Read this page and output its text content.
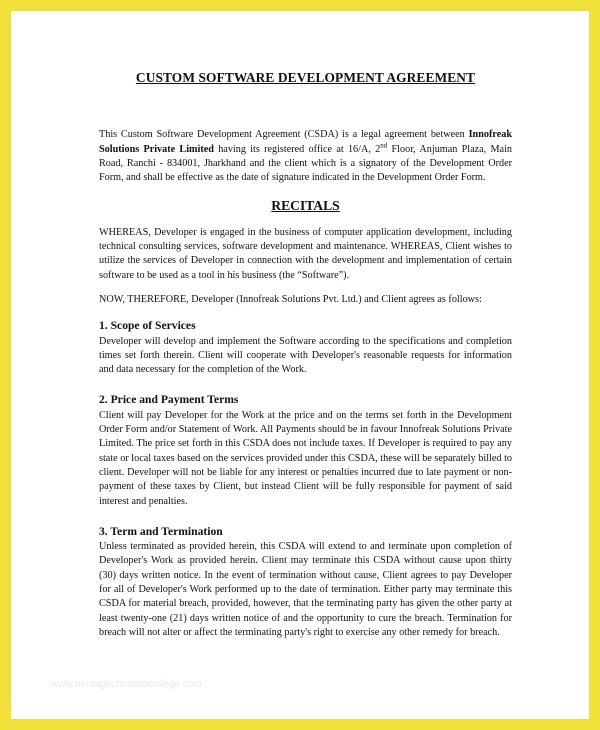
CUSTOM SOFTWARE DEVELOPMENT AGREEMENT

This Custom Software Development Agreement (CSDA) is a legal agreement between Innofreak Solutions Private Limited having its registered office at 16/A, 2nd Floor, Anjuman Plaza, Main Road, Ranchi - 834001, Jharkhand and the client which is a signatory of the Development Order Form, and shall be effective as the date of signature indicated in the Development Order Form.

RECITALS

WHEREAS, Developer is engaged in the business of computer application development, including technical consulting services, software development and maintenance. WHEREAS, Client wishes to utilize the services of Developer in connection with the development and implementation of certain software to be used as a tool in his business (the “Software”).

NOW, THEREFORE, Developer (Innofreak Solutions Pvt. Ltd.) and Client agrees as follows:

1. Scope of Services

Developer will develop and implement the Software according to the specifications and completion times set forth therein. Client will cooperate with Developer's reasonable requests for information and data necessary for the completion of the Work.

2. Price and Payment Terms

Client will pay Developer for the Work at the price and on the terms set forth in the Development Order Form and/or Statement of Work. All Payments should be in favour Innofreak Solutions Private Limited. The price set forth in this CSDA does not include taxes. If Developer is required to pay any state or local taxes based on the services provided under this CSDA, these will be separately billed to client. Developer will not be liable for any interest or penalties incurred due to late payment or non-payment of these taxes by Client, but instead Client will be fully responsible for payment of said interest and penalties.

3. Term and Termination

Unless terminated as provided herein, this CSDA will extend to and terminate upon completion of Developer's Work as provided herein. Client may terminate this CSDA without cause upon thirty (30) days written notice. In the event of termination without cause, Client agrees to pay Developer for all of Developer's Work performed up to the date of termination. Either party may terminate this CSDA for material breach, provided, however, that the terminating party has given the other party at least twenty-one (21) days written notice of and the opportunity to cure the breach. Termination for breach will not alter or affect the terminating party's right to exercise any other remedy for breach.

www.heritagechristiancollege.com
